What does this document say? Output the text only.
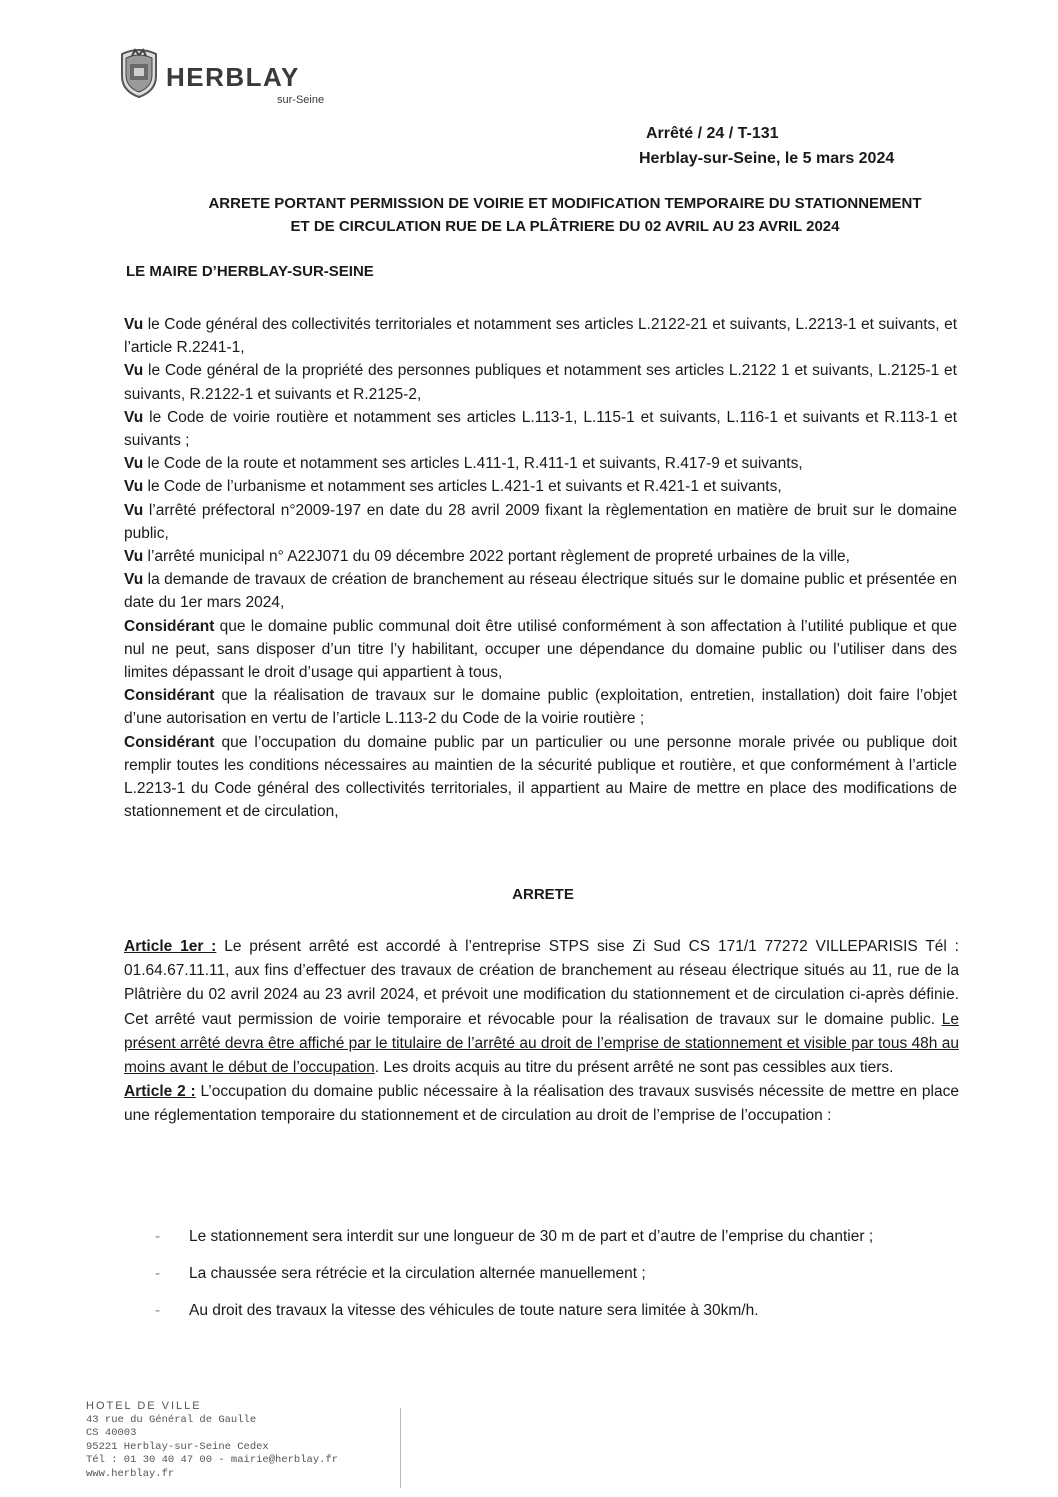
HERBLAY
sur-Seine
Arrêté / 24 / T-131
Herblay-sur-Seine, le 5 mars 2024
ARRETE PORTANT PERMISSION DE VOIRIE ET MODIFICATION TEMPORAIRE DU STATIONNEMENT
ET DE CIRCULATION RUE DE LA PLÂTRIERE DU 02 AVRIL AU 23 AVRIL 2024
LE MAIRE D’HERBLAY-SUR-SEINE

Vu le Code général des collectivités territoriales et notamment ses articles L.2122-21 et suivants, L.2213-1 et suivants, et l’article R.2241-1,

Vu le Code général de la propriété des personnes publiques et notamment ses articles L.2122 1 et suivants, L.2125-1 et suivants, R.2122-1 et suivants et R.2125-2,

Vu le Code de voirie routière et notamment ses articles L.113-1, L.115-1 et suivants, L.116-1 et suivants et R.113-1 et suivants ;

Vu le Code de la route et notamment ses articles L.411-1, R.411-1 et suivants, R.417-9 et suivants,

Vu le Code de l’urbanisme et notamment ses articles L.421-1 et suivants et R.421-1 et suivants,

Vu l’arrêté préfectoral n°2009-197 en date du 28 avril 2009 fixant la règlementation en matière de bruit sur le domaine public,

Vu l’arrêté municipal n° A22J071 du 09 décembre 2022 portant règlement de propreté urbaines de la ville,

Vu la demande de travaux de création de branchement au réseau électrique situés sur le domaine public et présentée en date du 1er mars 2024,

Considérant que le domaine public communal doit être utilisé conformément à son affectation à l’utilité publique et que nul ne peut, sans disposer d’un titre l’y habilitant, occuper une dépendance du domaine public ou l’utiliser dans des limites dépassant le droit d’usage qui appartient à tous,

Considérant que la réalisation de travaux sur le domaine public (exploitation, entretien, installation) doit faire l’objet d’une autorisation en vertu de l’article L.113-2 du Code de la voirie routière ;

Considérant que l’occupation du domaine public par un particulier ou une personne morale privée ou publique doit remplir toutes les conditions nécessaires au maintien de la sécurité publique et routière, et que conformément à l’article L.2213-1 du Code général des collectivités territoriales, il appartient au Maire de mettre en place des modifications de stationnement et de circulation,

ARRETE

Article 1er : Le présent arrêté est accordé à l’entreprise STPS sise Zi Sud CS 171/1 77272 VILLEPARISIS Tél : 01.64.67.11.11, aux fins d’effectuer des travaux de création de branchement au réseau électrique situés au 11, rue de la Plâtrière du 02 avril 2024 au 23 avril 2024, et prévoit une modification du stationnement et de circulation ci-après définie. Cet arrêté vaut permission de voirie temporaire et révocable pour la réalisation de travaux sur le domaine public. Le présent arrêté devra être affiché par le titulaire de l’arrêté au droit de l’emprise de stationnement et visible par tous 48h au moins avant le début de l’occupation. Les droits acquis au titre du présent arrêté ne sont pas cessibles aux tiers.

Article 2 : L’occupation du domaine public nécessaire à la réalisation des travaux susvisés nécessite de mettre en place une réglementation temporaire du stationnement et de circulation au droit de l’emprise de l’occupation :

- Le stationnement sera interdit sur une longueur de 30 m de part et d’autre de l’emprise du chantier ;
- La chaussée sera rétrécie et la circulation alternée manuellement ;
- Au droit des travaux la vitesse des véhicules de toute nature sera limitée à 30km/h.
HOTEL DE VILLE
43 rue du Général de Gaulle
CS 40003
95221 Herblay-sur-Seine Cedex
Tél : 01 30 40 47 00 - mairie@herblay.fr
www.herblay.fr
